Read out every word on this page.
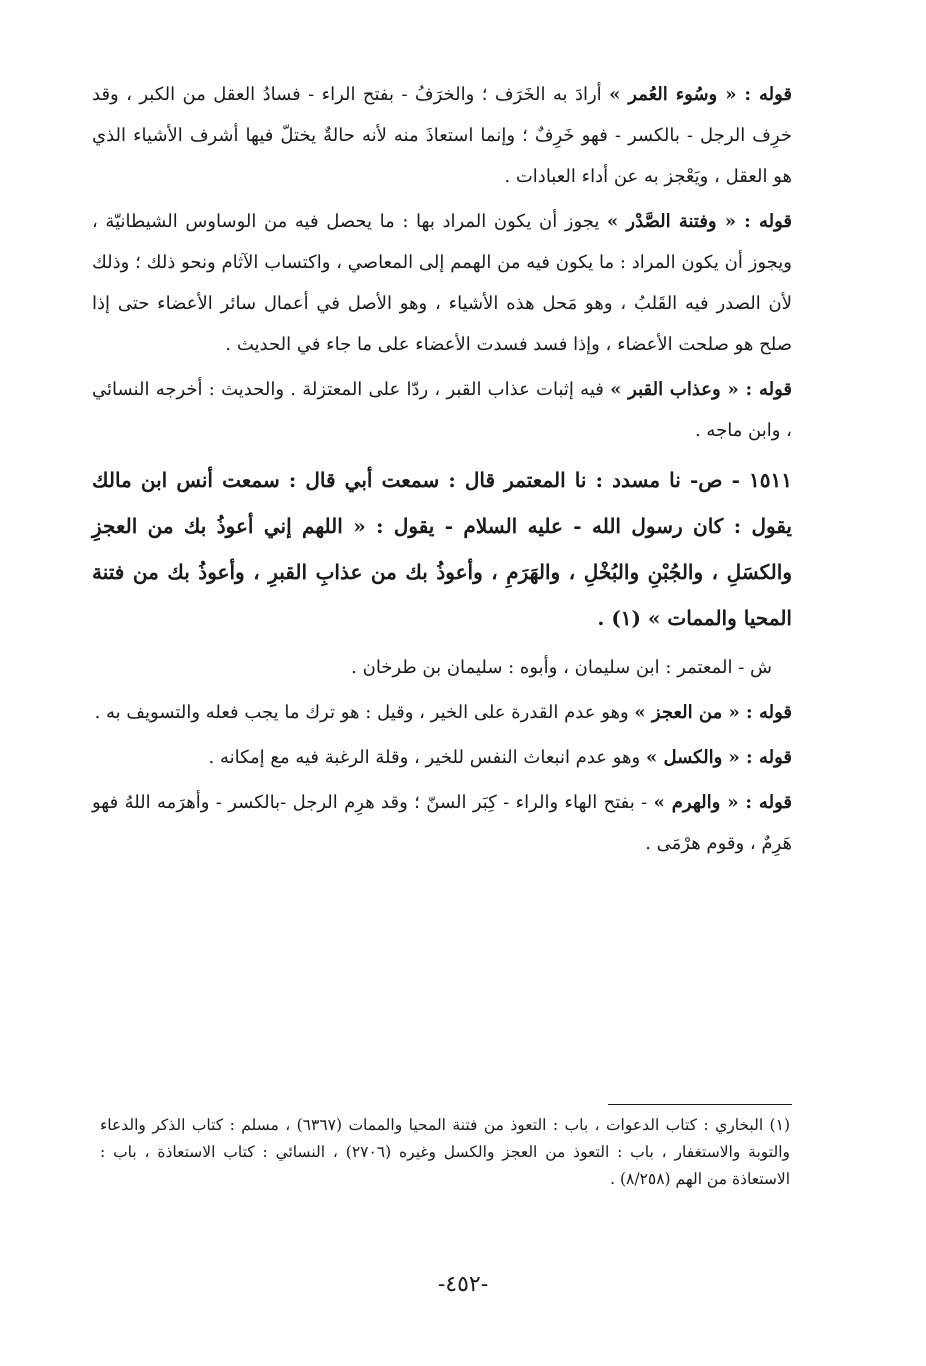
قوله : « وسُوء العُمر » أرادَ به الخَرَف ؛ والخرَفُ - بفتح الراء - فسادُ العقل من الكبر ، وقد خرِف الرجل - بالكسر - فهو خَرِفٌ ؛ وإنما استعاذَ منه لأنه حالةٌ يختلّ فيها أشرف الأشياء الذي هو العقل ، ويَعْجز به عن أداء العبادات .

قوله : « وفتنة الصَّدْر » يجوز أن يكون المراد بها : ما يحصل فيه من الوساوس الشيطانيّة ، ويجوز أن يكون المراد : ما يكون فيه من الهمم إلى المعاصي ، واكتساب الآثام ونحو ذلك ؛ وذلك لأن الصدر فيه القَلبُ ، وهو مَحل هذه الأشياء ، وهو الأصل في أعمال سائر الأعضاء حتى إذا صلح هو صلحت الأعضاء ، وإذا فسد فسدت الأعضاء على ما جاء في الحديث .

قوله : « وعذاب القبر » فيه إثبات عذاب القبر ، ردّا على المعتزلة . والحديث : أخرجه النسائي ، وابن ماجه .

١٥١١ - ص- نا مسدد : نا المعتمر قال : سمعت أبي قال : سمعت أنس ابن مالك يقول : كان رسول الله - عليه السلام - يقول : « اللهم إني أعوذُ بك من العجزِ والكسَلِ ، والجُبْنِ والبُخْلِ ، والهَرَمِ ، وأعوذُ بك من عذابِ القبرِ ، وأعوذُ بك من فتنة المحيا والممات » (١) .

ش - المعتمر : ابن سليمان ، وأبوه : سليمان بن طرخان .

قوله : « من العجز » وهو عدم القدرة على الخير ، وقيل : هو ترك ما يجب فعله والتسويف به .

قوله : « والكسل » وهو عدم انبعاث النفس للخير ، وقلة الرغبة فيه مع إمكانه .

قوله : « والهرم » - بفتح الهاء والراء - كِبَر السنّ ؛ وقد هرِم الرجل -بالكسر - وأهرَمه اللهُ فهو هَرِمٌ ، وقوم هرْمَى .

(١) البخاري : كتاب الدعوات ، باب : التعوذ من فتنة المحيا والممات (٦٣٦٧) ، مسلم : كتاب الذكر والدعاء والتوبة والاستغفار ، باب : التعوذ من العجز والكسل وغيره (٢٧٠٦) ، النسائي : كتاب الاستعاذة ، باب : الاستعاذة من الهم (٨/٢٥٨) .
-٤٥٢-
